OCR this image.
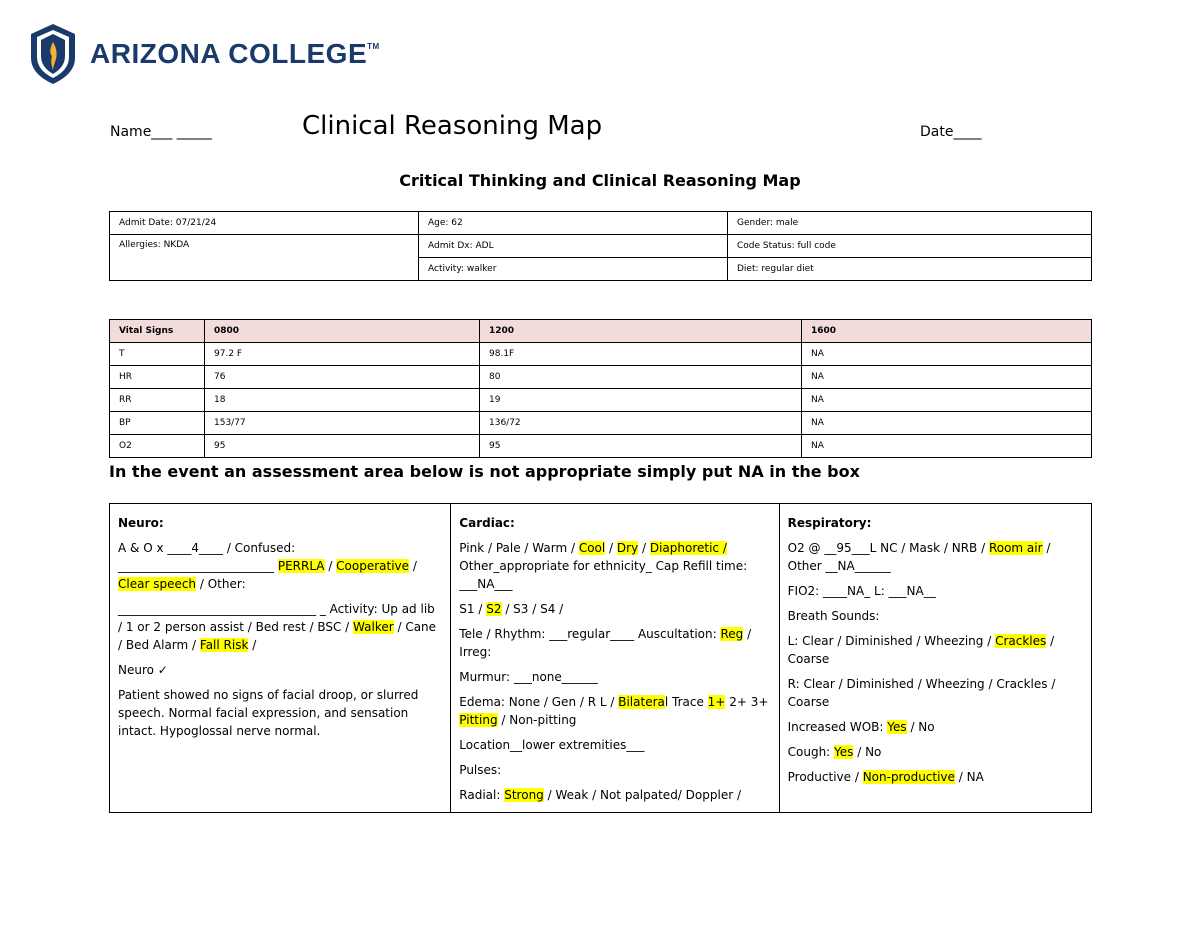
ARIZONA COLLEGE™
Name___ _____	Clinical Reasoning Map	Date____
Critical Thinking and Clinical Reasoning Map
Admit Date: 07/21/24	Age: 62	Gender: male
Allergies: NKDA	Admit Dx: ADL	Code Status: full code
	Activity: walker	Diet: regular diet
Vital Signs	0800	1200	1600
T	97.2 F	98.1F	NA
HR	76	80	NA
RR	18	19	NA
BP	153/77	136/72	NA
O2	95	95	NA
In the event an assessment area below is not appropriate simply put NA in the box

Neuro:

A & O x ____4____ / Confused: __________________________ PERRLA / Cooperative / Clear speech / Other:

_________________________________ _ Activity: Up ad lib / 1 or 2 person assist / Bed rest / BSC / Walker / Cane / Bed Alarm / Fall Risk /

Neuro ✓

Patient showed no signs of facial droop, or slurred speech. Normal facial expression, and sensation intact. Hypoglossal nerve normal.

Cardiac:

Pink / Pale / Warm / Cool / Dry / Diaphoretic / Other_appropriate for ethnicity_ Cap Refill time: ___NA___

S1 / S2 / S3 / S4 /

Tele / Rhythm: ___regular____ Auscultation: Reg / Irreg:

Murmur: ___none______

Edema: None / Gen / R L / Bilateral Trace 1+ 2+ 3+ Pitting / Non-pitting

Location__lower extremities___

Pulses:

Radial: Strong / Weak / Not palpated/ Doppler /

Respiratory:

O2 @ __95___L NC / Mask / NRB / Room air / Other __NA______

FIO2: ____NA_ L: ___NA__

Breath Sounds:

L: Clear / Diminished / Wheezing / Crackles / Coarse

R: Clear / Diminished / Wheezing / Crackles / Coarse

Increased WOB: Yes / No

Cough: Yes / No

Productive / Non-productive / NA
